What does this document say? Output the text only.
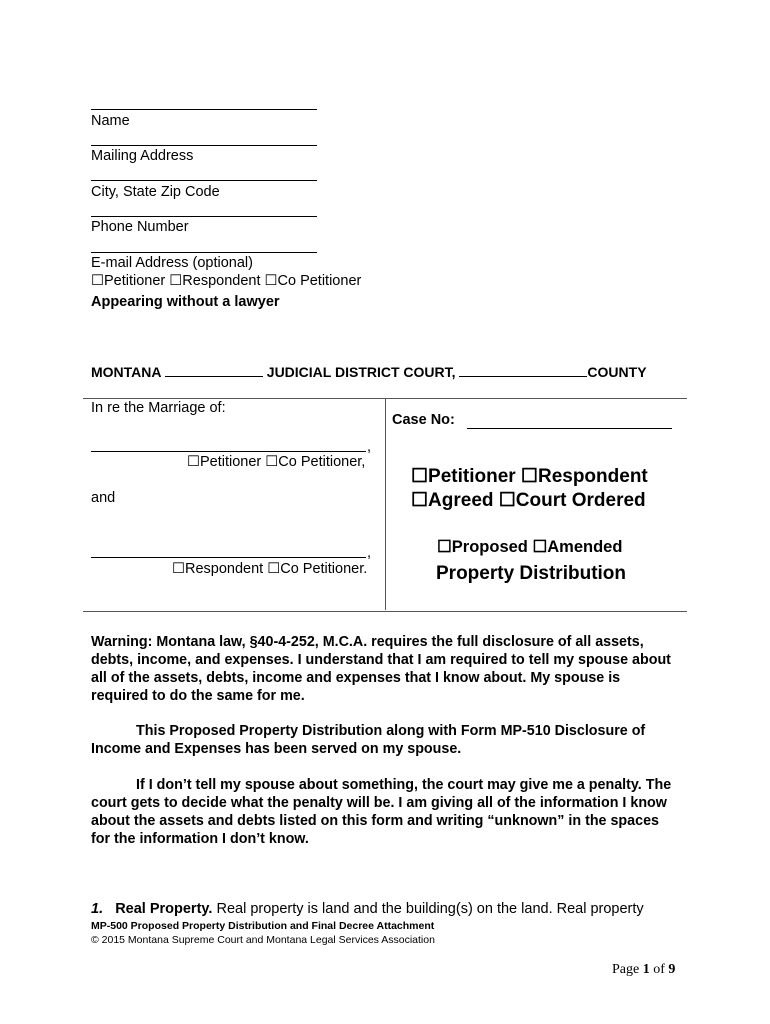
Name
Mailing Address
City, State Zip Code
Phone Number
E-mail Address (optional)
☐Petitioner ☐Respondent ☐Co Petitioner
Appearing without a lawyer
MONTANA	JUDICIAL DISTRICT COURT,	COUNTY
In re the Marriage of:
,
☐Petitioner ☐Co Petitioner,
and
,
☐Respondent ☐Co Petitioner.
Case No:
☐Petitioner ☐Respondent
☐Agreed ☐Court Ordered
☐Proposed ☐Amended
Property Distribution
Warning: Montana law, §40-4-252, M.C.A. requires the full disclosure of all assets, debts, income, and expenses. I understand that I am required to tell my spouse about all of the assets, debts, income and expenses that I know about. My spouse is required to do the same for me.
This Proposed Property Distribution along with Form MP-510 Disclosure of Income and Expenses has been served on my spouse.
If I don’t tell my spouse about something, the court may give me a penalty. The court gets to decide what the penalty will be. I am giving all of the information I know about the assets and debts listed on this form and writing “unknown” in the spaces for the information I don’t know.
1. Real Property. Real property is land and the building(s) on the land. Real property
MP-500 Proposed Property Distribution and Final Decree Attachment
© 2015 Montana Supreme Court and Montana Legal Services Association
Page 1 of 9
